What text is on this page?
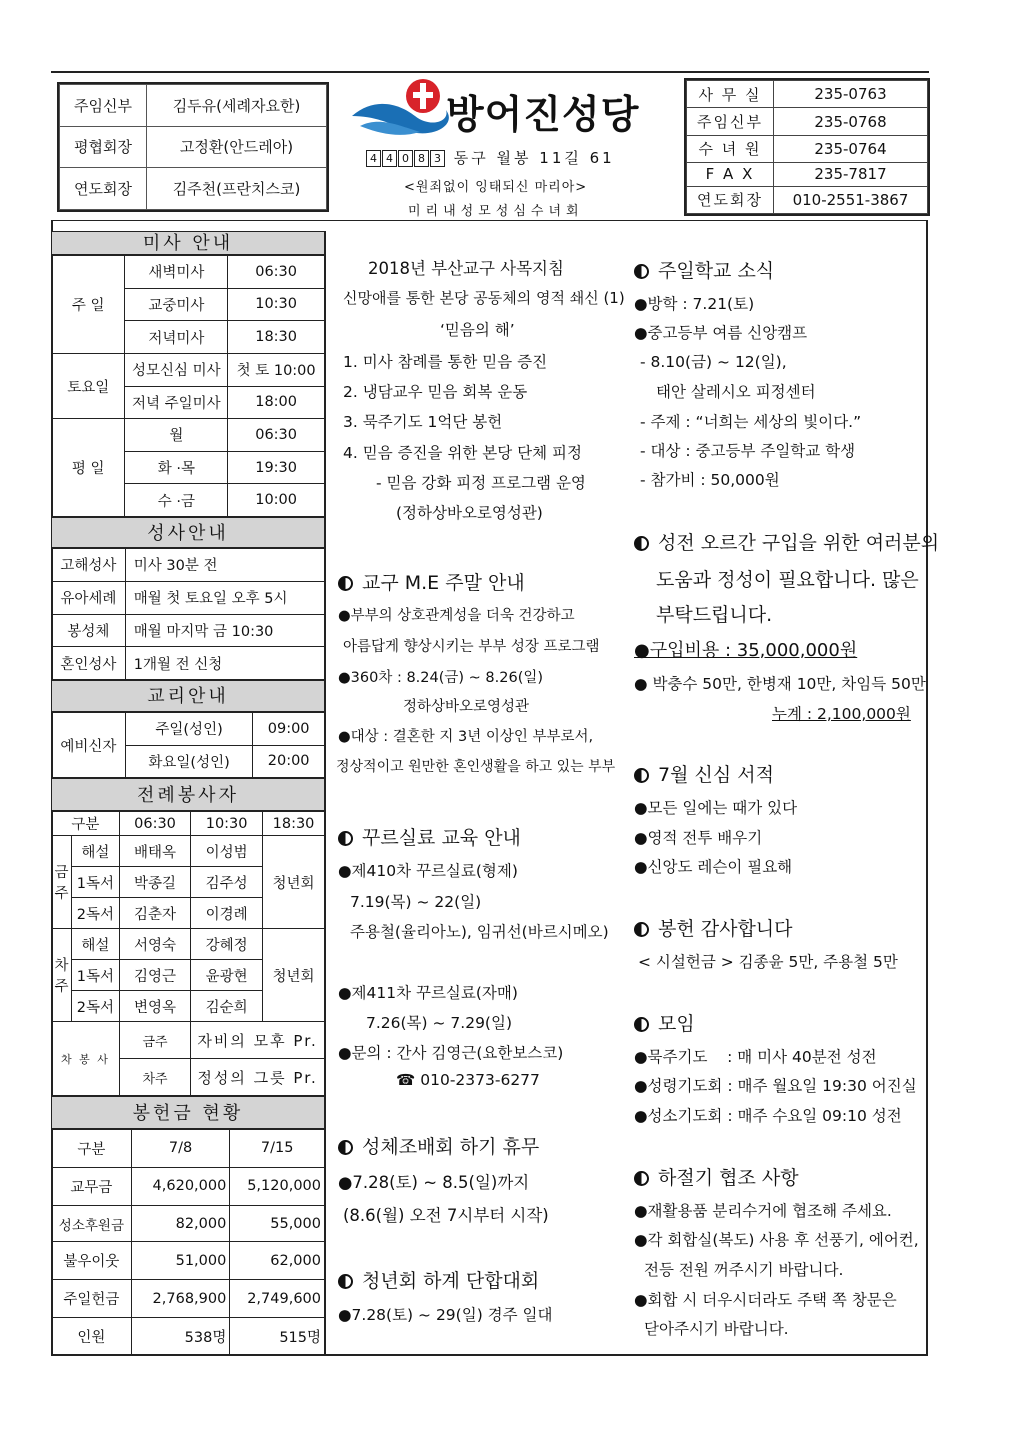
주임신부	김두유(세례자요한)
평협회장	고정환(안드레아)
연도회장	김주천(프란치스코)
방어진성당
4 4 0 8 3 동구 월봉 11길 61
<원죄없이 잉태되신 마리아>
미리내성모성심수녀회
사 무 실	235-0763
주임신부	235-0768
수 녀 원	235-0764
F A X	235-7817
연도회장	010-2551-3867
미사 안내
주 일	새벽미사	06:30
	교중미사	10:30
	저녁미사	18:30
토요일	성모신심 미사	첫 토 10:00
	저녁 주일미사	18:00
평 일	월	06:30
	화 ·목	19:30
	수 ·금	10:00
성사안내
고해성사	미사 30분 전
유아세례	매월 첫 토요일 오후 5시
봉성체	매월 마지막 금 10:30
혼인성사	1개월 전 신청
교리안내
예비신자	주일(성인)	09:00
	화요일(성인)	20:00
전례봉사자
구분		06:30	10:30	18:30
금주	해설	배태옥	이성범	청년회
	1독서	박종길	김주성	
	2독서	김춘자	이경례	
차주	해설	서영숙	강혜정	청년회
	1독서	김영근	윤광현	
	2독서	변영옥	김순희	
차 봉 사		금주	자비의 모후 Pr.	
		차주	정성의 그릇 Pr.	
봉헌금 현황
구분	7/8	7/15
교무금	4,620,000	5,120,000
성소후원금	82,000	55,000
불우이웃	51,000	62,000
주일헌금	2,768,900	2,749,600
인원	538명	515명
2018년 부산교구 사목지침
신망애를 통한 본당 공동체의 영적 쇄신 (1)
‘믿음의 해’
1. 미사 참례를 통한 믿음 증진
2. 냉담교우 믿음 회복 운동
3. 묵주기도 1억단 봉헌
4. 믿음 증진을 위한 본당 단체 피정
- 믿음 강화 피정 프로그램 운영
(정하상바오로영성관)
교구 M.E 주말 안내
●부부의 상호관계성을 더욱 건강하고
아름답게 향상시키는 부부 성장 프로그램
●360차 : 8.24(금) ~ 8.26(일)
정하상바오로영성관
●대상 : 결혼한 지 3년 이상인 부부로서,
정상적이고 원만한 혼인생활을 하고 있는 부부
꾸르실료 교육 안내
●제410차 꾸르실료(형제)
7.19(목) ~ 22(일)
주용철(율리아노), 임귀선(바르시메오)
●제411차 꾸르실료(자매)
7.26(목) ~ 7.29(일)
●문의 : 간사 김영근(요한보스코)
☎ 010-2373-6277
성체조배회 하기 휴무
●7.28(토) ~ 8.5(일)까지
(8.6(월) 오전 7시부터 시작)
청년회 하계 단합대회
●7.28(토) ~ 29(일) 경주 일대
주일학교 소식
●방학 : 7.21(토)
●중고등부 여름 신앙캠프
- 8.10(금) ~ 12(일),
태안 살레시오 피정센터
- 주제 : “너희는 세상의 빛이다.”
- 대상 : 중고등부 주일학교 학생
- 참가비 : 50,000원
성전 오르간 구입을 위한 여러분의
도움과 정성이 필요합니다. 많은
부탁드립니다.
●구입비용 : 35,000,000원
● 박충수 50만, 한병재 10만, 차임득 50만
누계 : 2,100,000원
7월 신심 서적
●모든 일에는 때가 있다
●영적 전투 배우기
●신앙도 레슨이 필요해
봉헌 감사합니다
< 시설헌금 > 김종윤 5만, 주용철 5만
모임
●묵주기도    : 매 미사 40분전 성전
●성령기도회 : 매주 월요일 19:30 어진실
●성소기도회 : 매주 수요일 09:10 성전
하절기 협조 사항
●재활용품 분리수거에 협조해 주세요.
●각 회합실(복도) 사용 후 선풍기, 에어컨,
전등 전원 꺼주시기 바랍니다.
●회합 시 더우시더라도 주택 쪽 창문은
닫아주시기 바랍니다.
